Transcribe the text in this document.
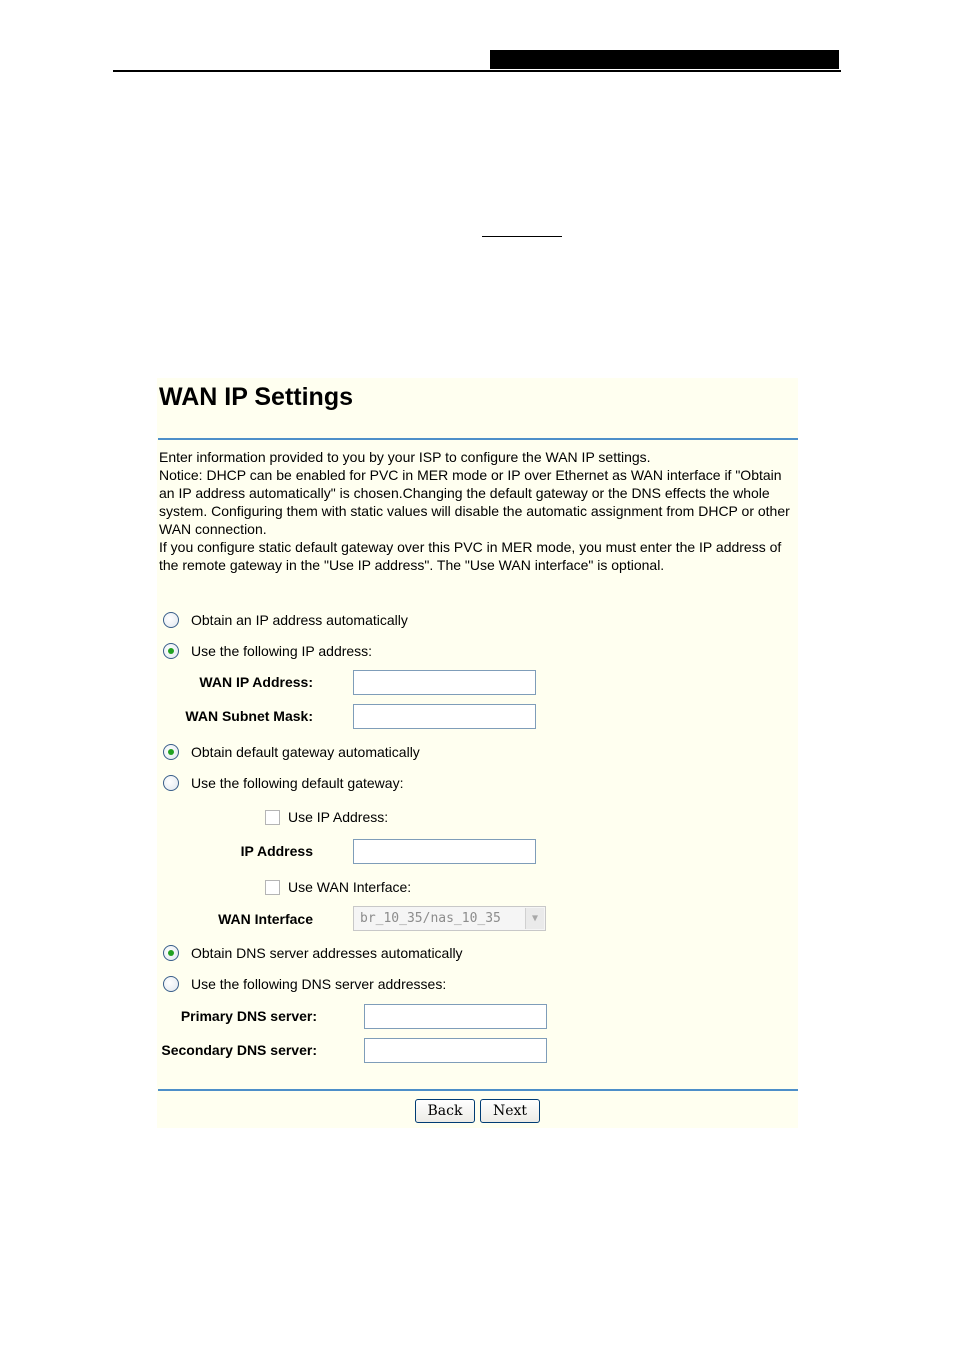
WAN IP Settings
Enter information provided to you by your ISP to configure the WAN IP settings.
Notice: DHCP can be enabled for PVC in MER mode or IP over Ethernet as WAN interface if "Obtain an IP address automatically" is chosen.Changing the default gateway or the DNS effects the whole system. Configuring them with static values will disable the automatic assignment from DHCP or other WAN connection.
If you configure static default gateway over this PVC in MER mode, you must enter the IP address of the remote gateway in the "Use IP address". The "Use WAN interface" is optional.
Obtain an IP address automatically
Use the following IP address:
WAN IP Address:
WAN Subnet Mask:
Obtain default gateway automatically
Use the following default gateway:
Use IP Address:
IP Address
Use WAN Interface:
WAN Interface	br_10_35/nas_10_35	▼
Obtain DNS server addresses automatically
Use the following DNS server addresses:
Primary DNS server:
Secondary DNS server:
Back	Next
